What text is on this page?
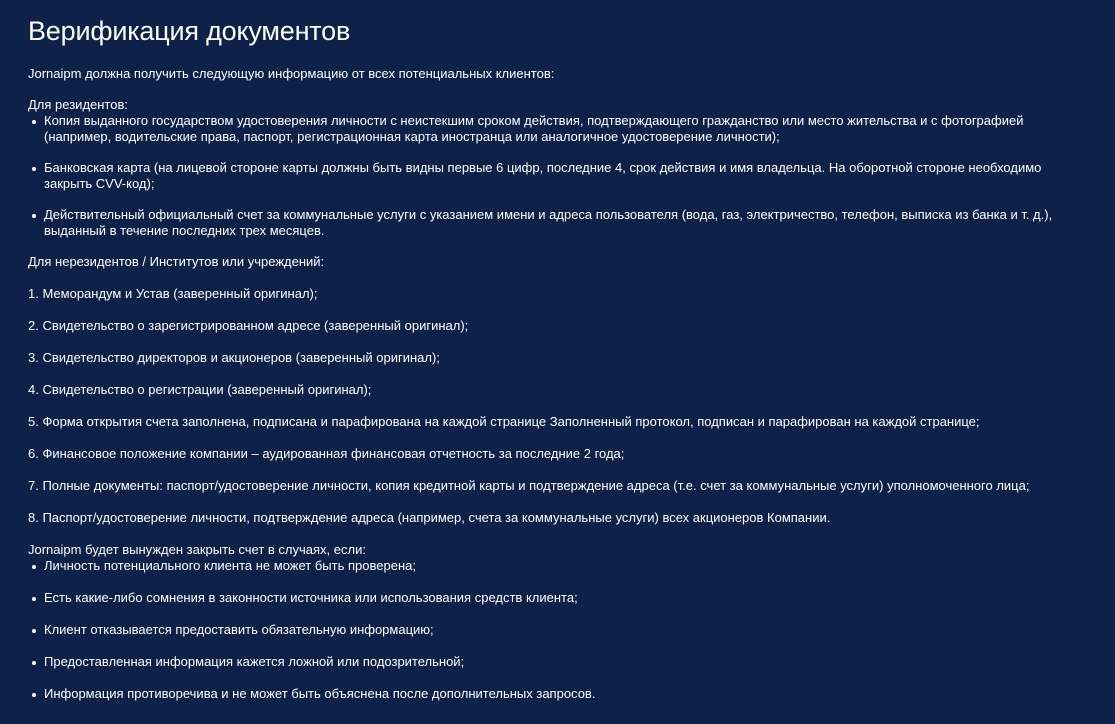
Верификация документов

Jornaipm должна получить следующую информацию от всех потенциальных клиентов:

Для резидентов:

Копия выданного государством удостоверения личности с неистекшим сроком действия, подтверждающего гражданство или место жительства и с фотографией (например, водительские права, паспорт, регистрационная карта иностранца или аналогичное удостоверение личности);
Банковская карта (на лицевой стороне карты должны быть видны первые 6 цифр, последние 4, срок действия и имя владельца. На оборотной стороне необходимо закрыть CVV-код);
Действительный официальный счет за коммунальные услуги с указанием имени и адреса пользователя (вода, газ, электричество, телефон, выписка из банка и т. д.), выданный в течение последних трех месяцев.

Для нерезидентов / Институтов или учреждений:

1. Меморандум и Устав (заверенный оригинал);
2. Свидетельство о зарегистрированном адресе (заверенный оригинал);
3. Свидетельство директоров и акционеров (заверенный оригинал);
4. Свидетельство о регистрации (заверенный оригинал);
5. Форма открытия счета заполнена, подписана и парафирована на каждой странице Заполненный протокол, подписан и парафирован на каждой странице;
6. Финансовое положение компании – аудированная финансовая отчетность за последние 2 года;
7. Полные документы: паспорт/удостоверение личности, копия кредитной карты и подтверждение адреса (т.е. счет за коммунальные услуги) уполномоченного лица;
8. Паспорт/удостоверение личности, подтверждение адреса (например, счета за коммунальные услуги) всех акционеров Компании.

Jornaipm будет вынужден закрыть счет в случаях, если:

Личность потенциального клиента не может быть проверена;
Есть какие-либо сомнения в законности источника или использования средств клиента;
Клиент отказывается предоставить обязательную информацию;
Предоставленная информация кажется ложной или подозрительной;
Информация противоречива и не может быть объяснена после дополнительных запросов.
